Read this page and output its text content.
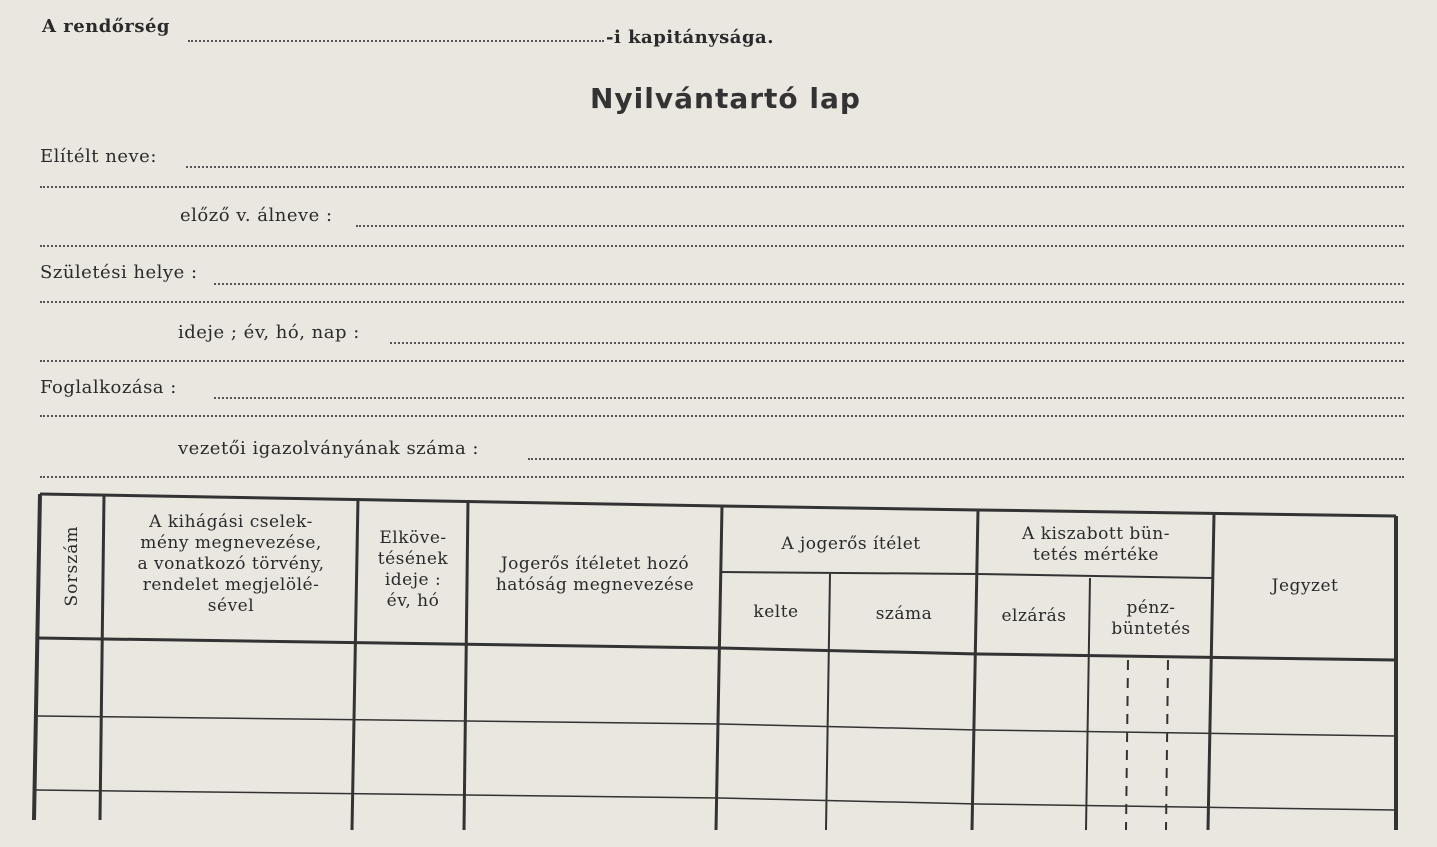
A rendőrség
-i kapitánysága.
Nyilvántartó lap
Elítélt neve:
előző v. álneve :
Születési helye :
ideje ; év, hó, nap :
Foglalkozása :
vezetői igazolványának száma :
Sorszám
A kihágási cselek-
mény megnevezése,
a vonatkozó törvény,
rendelet megjelölé-
sével
Elköve-
tésének
ideje :
év, hó
Jogerős ítéletet hozó
hatóság megnevezése
A jogerős ítélet
kelte	száma
A kiszabott bün-
tetés mértéke
elzárás	pénz-
büntetés
Jegyzet
